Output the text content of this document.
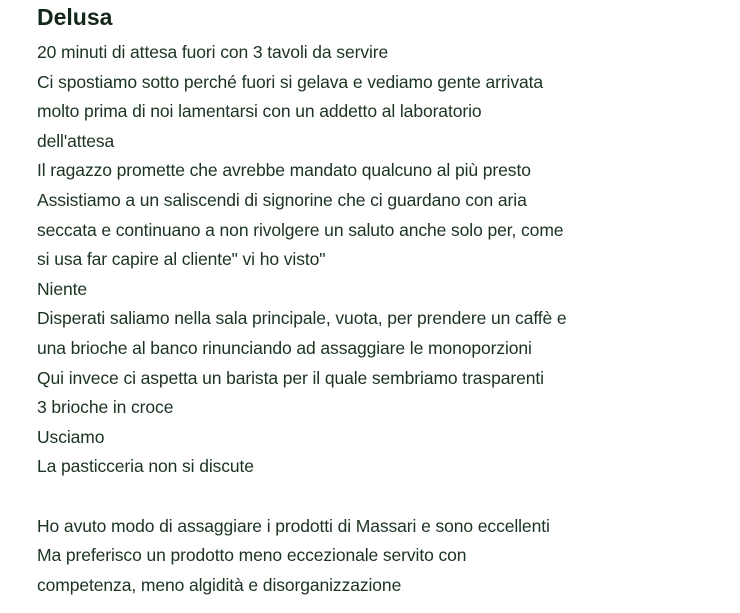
Delusa
20 minuti di attesa fuori con 3 tavoli da servire
Ci spostiamo sotto perché fuori si gelava e vediamo gente arrivata
molto prima di noi lamentarsi con un addetto al laboratorio
dell'attesa
Il ragazzo promette che avrebbe mandato qualcuno al più presto
Assistiamo a un saliscendi di signorine che ci guardano con aria
seccata e continuano a non rivolgere un saluto anche solo per, come
si usa far capire al cliente" vi ho visto"
Niente
Disperati saliamo nella sala principale, vuota, per prendere un caffè e
una brioche al banco rinunciando ad assaggiare le monoporzioni
Qui invece ci aspetta un barista per il quale sembriamo trasparenti
3 brioche in croce
Usciamo
La pasticceria non si discute
Ho avuto modo di assaggiare i prodotti di Massari e sono eccellenti
Ma preferisco un prodotto meno eccezionale servito con
competenza, meno algidità e disorganizzazione
